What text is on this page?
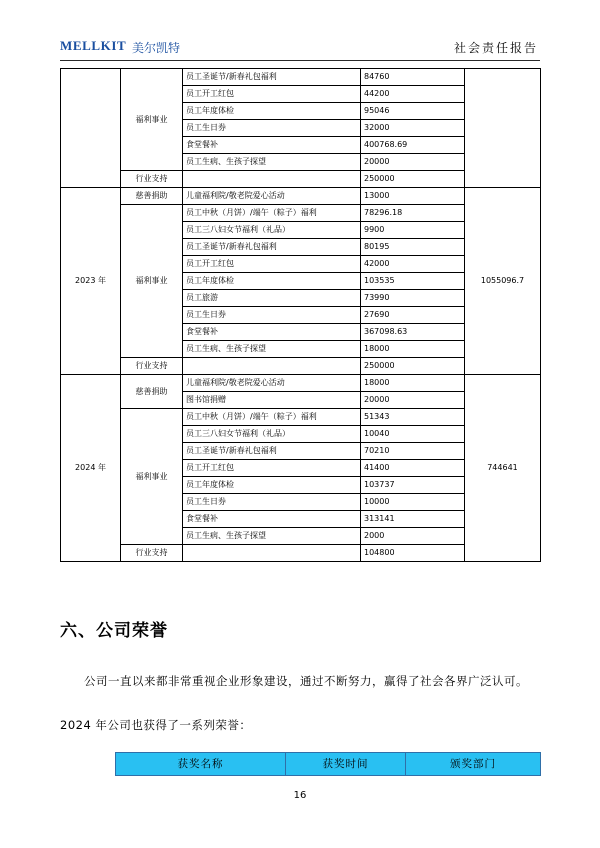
MELLKIT 美尔凯特	社会责任报告
	福利事业	员工圣诞节/新春礼包福利	84760	
		员工开工红包	44200	
		员工年度体检	95046	
		员工生日券	32000	
		食堂餐补	400768.69	
		员工生病、生孩子探望	20000	
	行业支持		250000	
2023 年	慈善捐助	儿童福利院/敬老院爱心活动	13000	1055096.7
	福利事业	员工中秋（月饼）/端午（粽子）福利	78296.18	
		员工三八妇女节福利（礼品）	9900	
		员工圣诞节/新春礼包福利	80195	
		员工开工红包	42000	
		员工年度体检	103535	
		员工旅游	73990	
		员工生日券	27690	
		食堂餐补	367098.63	
		员工生病、生孩子探望	18000	
	行业支持		250000	
2024 年	慈善捐助	儿童福利院/敬老院爱心活动	18000	744641
		图书馆捐赠	20000	
	福利事业	员工中秋（月饼）/端午（粽子）福利	51343	
		员工三八妇女节福利（礼品）	10040	
		员工圣诞节/新春礼包福利	70210	
		员工开工红包	41400	
		员工年度体检	103737	
		员工生日券	10000	
		食堂餐补	313141	
		员工生病、生孩子探望	2000	
	行业支持		104800	
六、公司荣誉
公司一直以来都非常重视企业形象建设，通过不断努力，赢得了社会各界广泛认可。
2024 年公司也获得了一系列荣誉：
获奖名称	获奖时间	颁奖部门
16
